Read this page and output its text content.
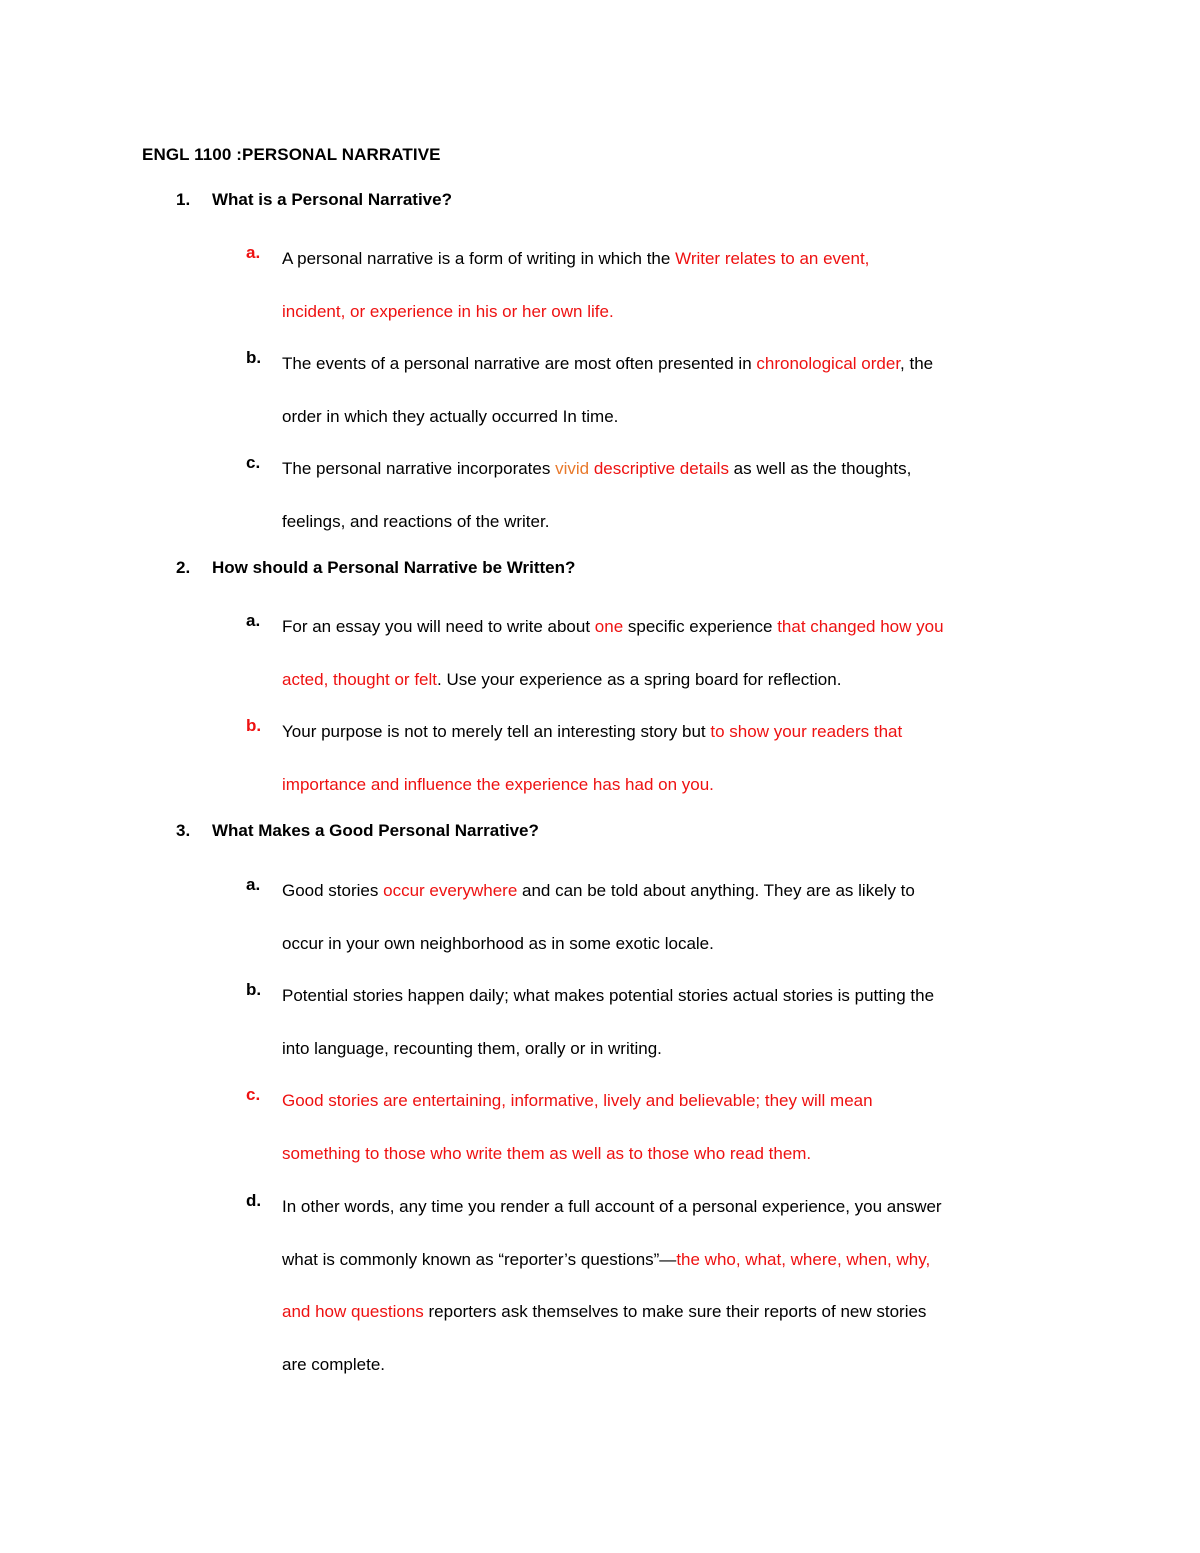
ENGL 1100 :PERSONAL NARRATIVE
1.	What is a Personal Narrative?
a. A personal narrative is a form of writing in which the Writer relates to an event,
incident, or experience in his or her own life.
b. The events of a personal narrative are most often presented in chronological order, the
order in which they actually occurred In time.
c. The personal narrative incorporates vivid descriptive details as well as the thoughts,
feelings, and reactions of the writer.
2.	How should a Personal Narrative be Written?
a. For an essay you will need to write about one specific experience that changed how you
acted, thought or felt. Use your experience as a spring board for reflection.
b. Your purpose is not to merely tell an interesting story but to show your readers that
importance and influence the experience has had on you.
3.	What Makes a Good Personal Narrative?
a. Good stories occur everywhere and can be told about anything. They are as likely to
occur in your own neighborhood as in some exotic locale.
b. Potential stories happen daily; what makes potential stories actual stories is putting the
into language, recounting them, orally or in writing.
c. Good stories are entertaining, informative, lively and believable; they will mean
something to those who write them as well as to those who read them.
d. In other words, any time you render a full account of a personal experience, you answer
what is commonly known as “reporter’s questions”—the who, what, where, when, why,
and how questions reporters ask themselves to make sure their reports of new stories
are complete.
